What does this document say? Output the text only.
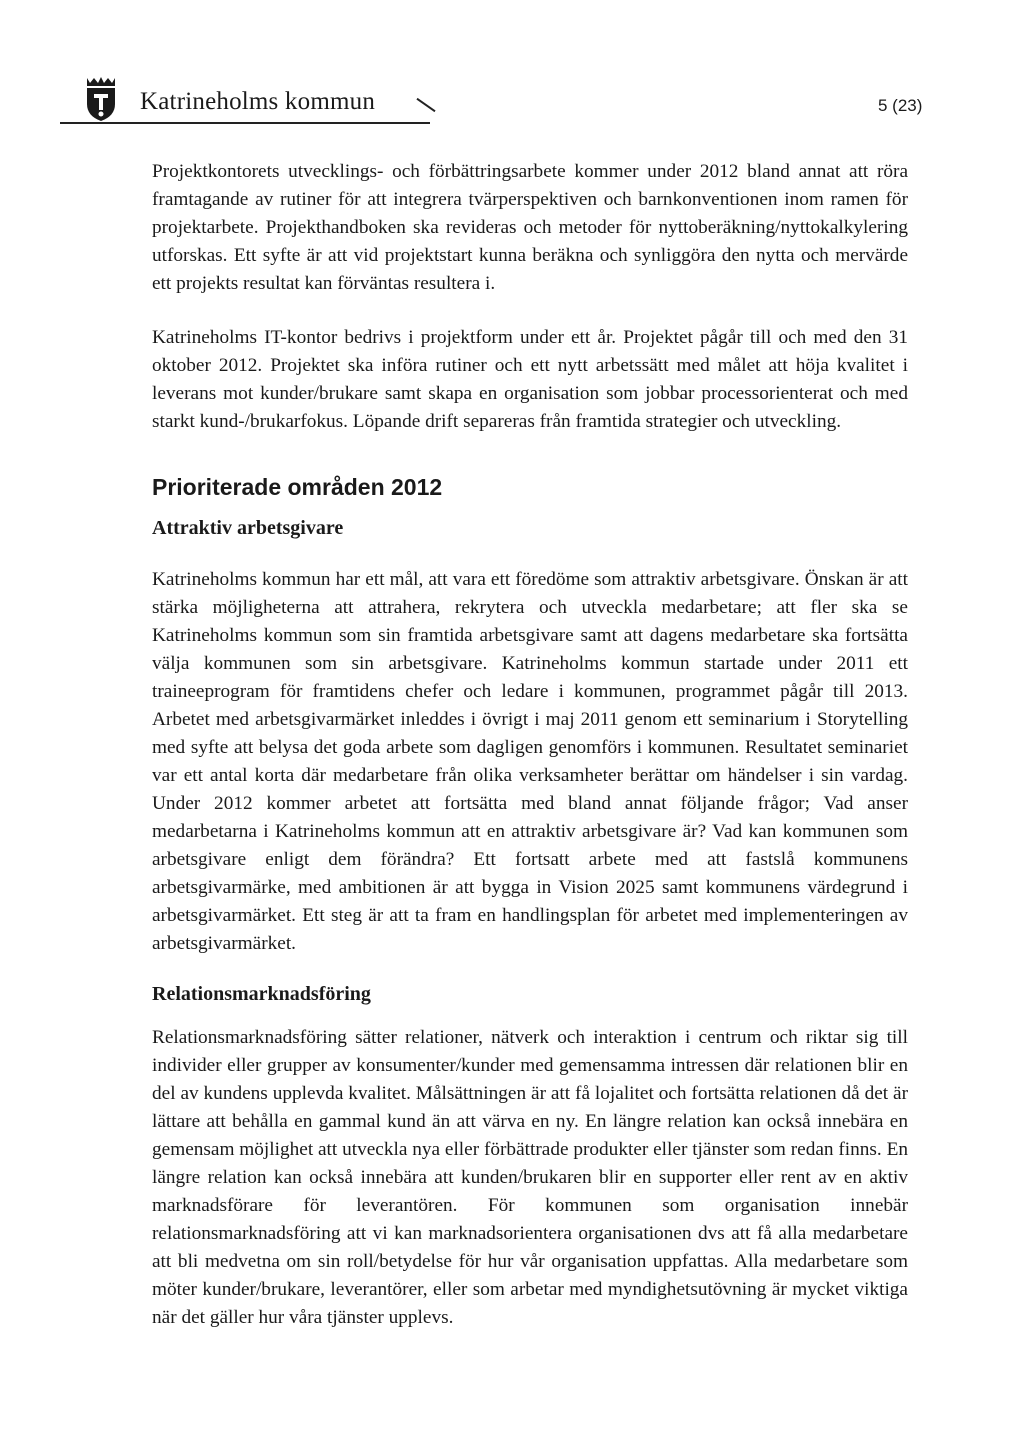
Katrineholms kommun	5 (23)

Projektkontorets utvecklings- och förbättringsarbete kommer under 2012 bland annat att röra framtagande av rutiner för att integrera tvärperspektiven och barnkonventionen inom ramen för projektarbete. Projekthandboken ska revideras och metoder för nyttoberäkning/nyttokalkylering utforskas. Ett syfte är att vid projektstart kunna beräkna och synliggöra den nytta och mervärde ett projekts resultat kan förväntas resultera i.

Katrineholms IT-kontor bedrivs i projektform under ett år. Projektet pågår till och med den 31 oktober 2012. Projektet ska införa rutiner och ett nytt arbetssätt med målet att höja kvalitet i leverans mot kunder/brukare samt skapa en organisation som jobbar processorienterat och med starkt kund-/brukarfokus. Löpande drift separeras från framtida strategier och utveckling.

Prioriterade områden 2012
Attraktiv arbetsgivare

Katrineholms kommun har ett mål, att vara ett föredöme som attraktiv arbetsgivare. Önskan är att stärka möjligheterna att attrahera, rekrytera och utveckla medarbetare; att fler ska se Katrineholms kommun som sin framtida arbetsgivare samt att dagens medarbetare ska fortsätta välja kommunen som sin arbetsgivare. Katrineholms kommun startade under 2011 ett traineeprogram för framtidens chefer och ledare i kommunen, programmet pågår till 2013. Arbetet med arbetsgivarmärket inleddes i övrigt i maj 2011 genom ett seminarium i Storytelling med syfte att belysa det goda arbete som dagligen genomförs i kommunen. Resultatet seminariet var ett antal korta där medarbetare från olika verksamheter berättar om händelser i sin vardag. Under 2012 kommer arbetet att fortsätta med bland annat följande frågor; Vad anser medarbetarna i Katrineholms kommun att en attraktiv arbetsgivare är? Vad kan kommunen som arbetsgivare enligt dem förändra? Ett fortsatt arbete med att fastslå kommunens arbetsgivarmärke, med ambitionen är att bygga in Vision 2025 samt kommunens värdegrund i arbetsgivarmärket. Ett steg är att ta fram en handlingsplan för arbetet med implementeringen av arbetsgivarmärket.

Relationsmarknadsföring

Relationsmarknadsföring sätter relationer, nätverk och interaktion i centrum och riktar sig till individer eller grupper av konsumenter/kunder med gemensamma intressen där relationen blir en del av kundens upplevda kvalitet. Målsättningen är att få lojalitet och fortsätta relationen då det är lättare att behålla en gammal kund än att värva en ny. En längre relation kan också innebära en gemensam möjlighet att utveckla nya eller förbättrade produkter eller tjänster som redan finns. En längre relation kan också innebära att kunden/brukaren blir en supporter eller rent av en aktiv marknadsförare för leverantören. För kommunen som organisation innebär relationsmarknadsföring att vi kan marknadsorientera organisationen dvs att få alla medarbetare att bli medvetna om sin roll/betydelse för hur vår organisation uppfattas. Alla medarbetare som möter kunder/brukare, leverantörer, eller som arbetar med myndighetsutövning är mycket viktiga när det gäller hur våra tjänster upplevs.
